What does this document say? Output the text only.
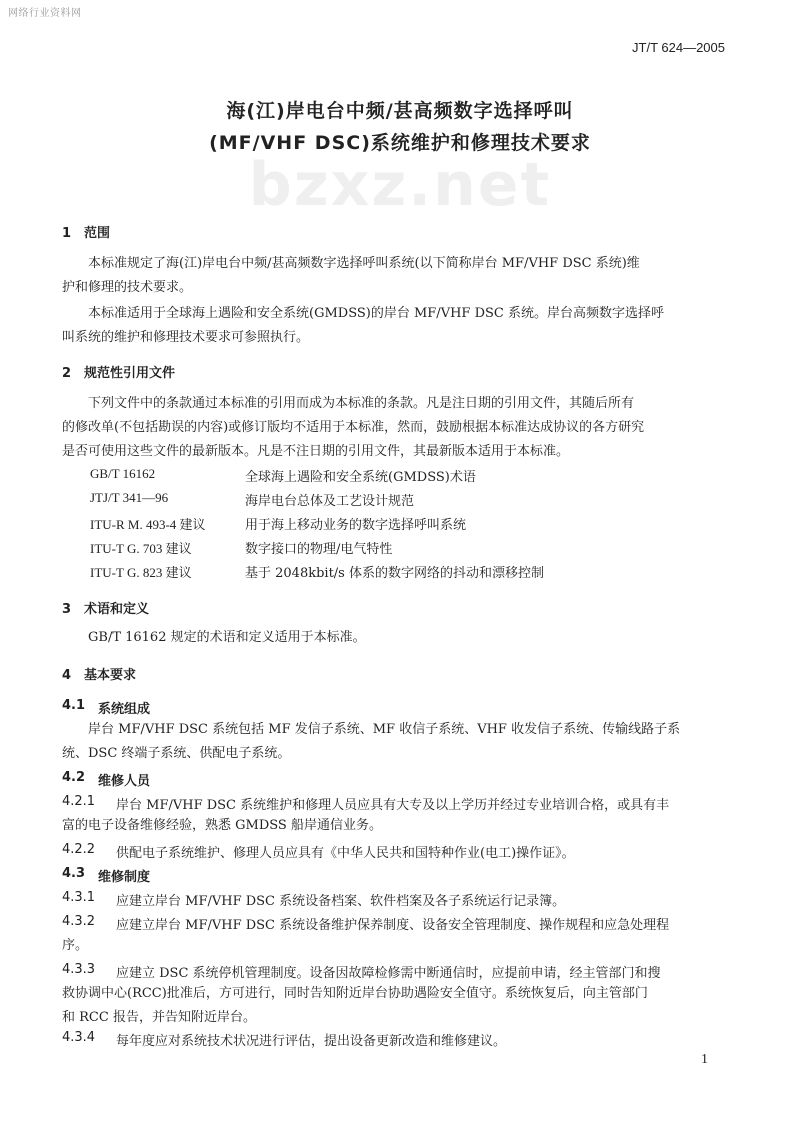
网络行业资料网
JT/T 624—2005
bzxz.net
海(江)岸电台中频/甚高频数字选择呼叫
(MF/VHF DSC)系统维护和修理技术要求
1　范围
本标准规定了海(江)岸电台中频/甚高频数字选择呼叫系统(以下简称岸台 MF/VHF DSC 系统)维
护和修理的技术要求。
本标准适用于全球海上遇险和安全系统(GMDSS)的岸台 MF/VHF DSC 系统。岸台高频数字选择呼
叫系统的维护和修理技术要求可参照执行。
2　规范性引用文件
下列文件中的条款通过本标准的引用而成为本标准的条款。凡是注日期的引用文件，其随后所有
的修改单(不包括勘误的内容)或修订版均不适用于本标准，然而，鼓励根据本标准达成协议的各方研究
是否可使用这些文件的最新版本。凡是不注日期的引用文件，其最新版本适用于本标准。
GB/T 16162	全球海上遇险和安全系统(GMDSS)术语
JTJ/T 341—96	海岸电台总体及工艺设计规范
ITU-R M. 493-4 建议	用于海上移动业务的数字选择呼叫系统
ITU-T G. 703 建议	数字接口的物理/电气特性
ITU-T G. 823 建议	基于 2048kbit/s 体系的数字网络的抖动和漂移控制
3　术语和定义
GB/T 16162 规定的术语和定义适用于本标准。
4　基本要求
4.1 系统组成
岸台 MF/VHF DSC 系统包括 MF 发信子系统、MF 收信子系统、VHF 收发信子系统、传输线路子系
统、DSC 终端子系统、供配电子系统。
4.2 维修人员
4.2.1 岸台 MF/VHF DSC 系统维护和修理人员应具有大专及以上学历并经过专业培训合格，或具有丰
富的电子设备维修经验，熟悉 GMDSS 船岸通信业务。
4.2.2 供配电子系统维护、修理人员应具有《中华人民共和国特种作业(电工)操作证》。
4.3 维修制度
4.3.1 应建立岸台 MF/VHF DSC 系统设备档案、软件档案及各子系统运行记录簿。
4.3.2 应建立岸台 MF/VHF DSC 系统设备维护保养制度、设备安全管理制度、操作规程和应急处理程
序。
4.3.3 应建立 DSC 系统停机管理制度。设备因故障检修需中断通信时，应提前申请，经主管部门和搜
救协调中心(RCC)批准后，方可进行，同时告知附近岸台协助遇险安全值守。系统恢复后，向主管部门
和 RCC 报告，并告知附近岸台。
4.3.4 每年度应对系统技术状况进行评估，提出设备更新改造和维修建议。
1
